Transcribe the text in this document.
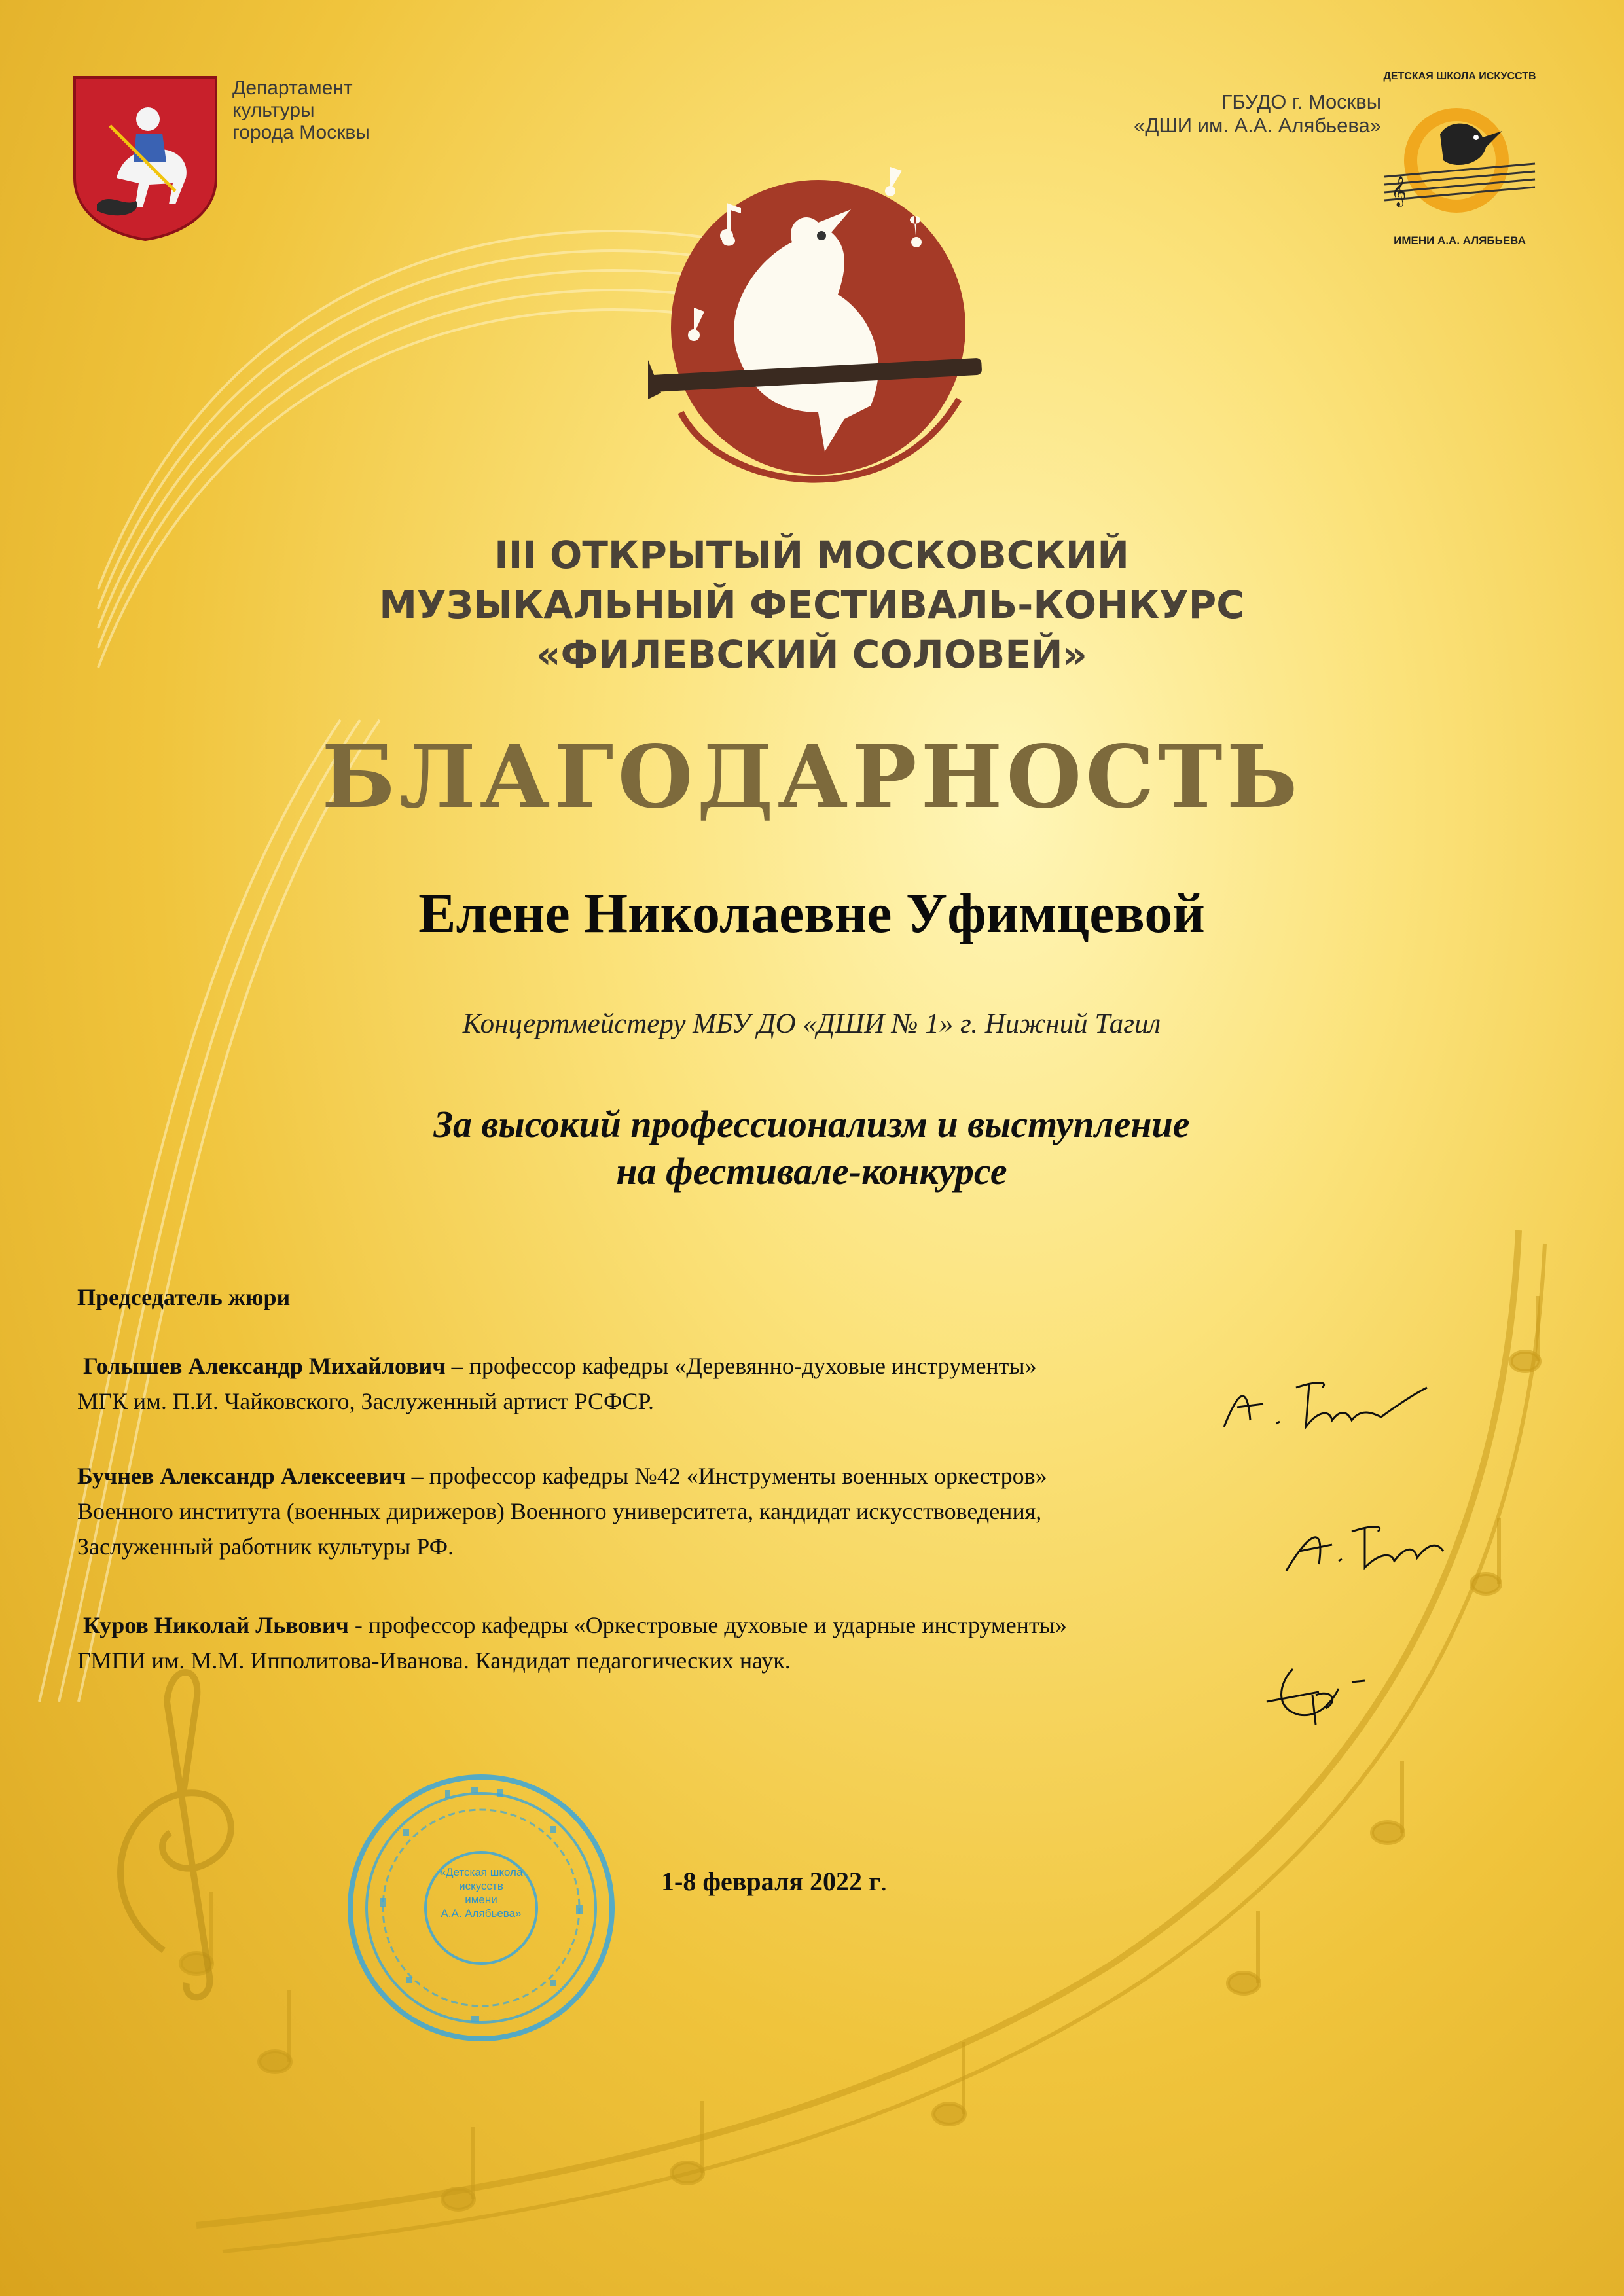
Департамент
культуры
города Москвы
ГБУДО г. Москвы
«ДШИ им. А.А. Алябьева»
ДЕТСКАЯ ШКОЛА ИСКУССТВ
𝄞
ИМЕНИ А.А. АЛЯБЬЕВА
III ОТКРЫТЫЙ МОСКОВСКИЙ
МУЗЫКАЛЬНЫЙ ФЕСТИВАЛЬ-КОНКУРС
«ФИЛЕВСКИЙ СОЛОВЕЙ»
БЛАГОДАРНОСТЬ
Елене Николаевне Уфимцевой
Концертмейстеру МБУ ДО «ДШИ № 1» г. Нижний Тагил
За высокий профессионализм и выступление
на фестивале-конкурсе
Председатель жюри
Голышев Александр Михайлович – профессор кафедры «Деревянно-духовые инструменты»
МГК им. П.И. Чайковского, Заслуженный артист РСФСР.
Бучнев Александр Алексеевич – профессор кафедры №42 «Инструменты военных оркестров»
Военного института (военных дирижеров) Военного университета, кандидат искусствоведения,
Заслуженный работник культуры РФ.
Куров Николай Львович - профессор кафедры «Оркестровые духовые и ударные инструменты»
ГМПИ им. М.М. Ипполитова-Иванова. Кандидат педагогических наук.
«Детская школа
искусств
имени
А.А. Алябьева»
1-8 февраля 2022 г.
